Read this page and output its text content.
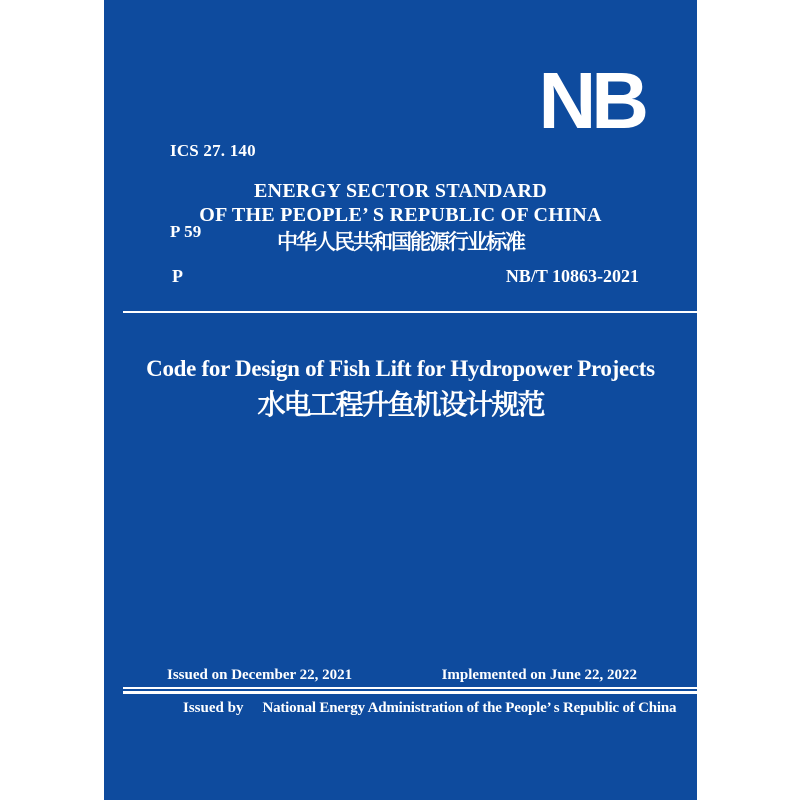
ICS 27. 140

P 59

NB
ENERGY SECTOR STANDARD
OF THE PEOPLE’ S REPUBLIC OF CHINA
中华人民共和国能源行业标准
P	NB/T 10863-2021
Code for Design of Fish Lift for Hydropower Projects
水电工程升鱼机设计规范
Issued on December 22, 2021	Implemented on June 22, 2022
Issued by National Energy Administration of the People’ s Republic of China
